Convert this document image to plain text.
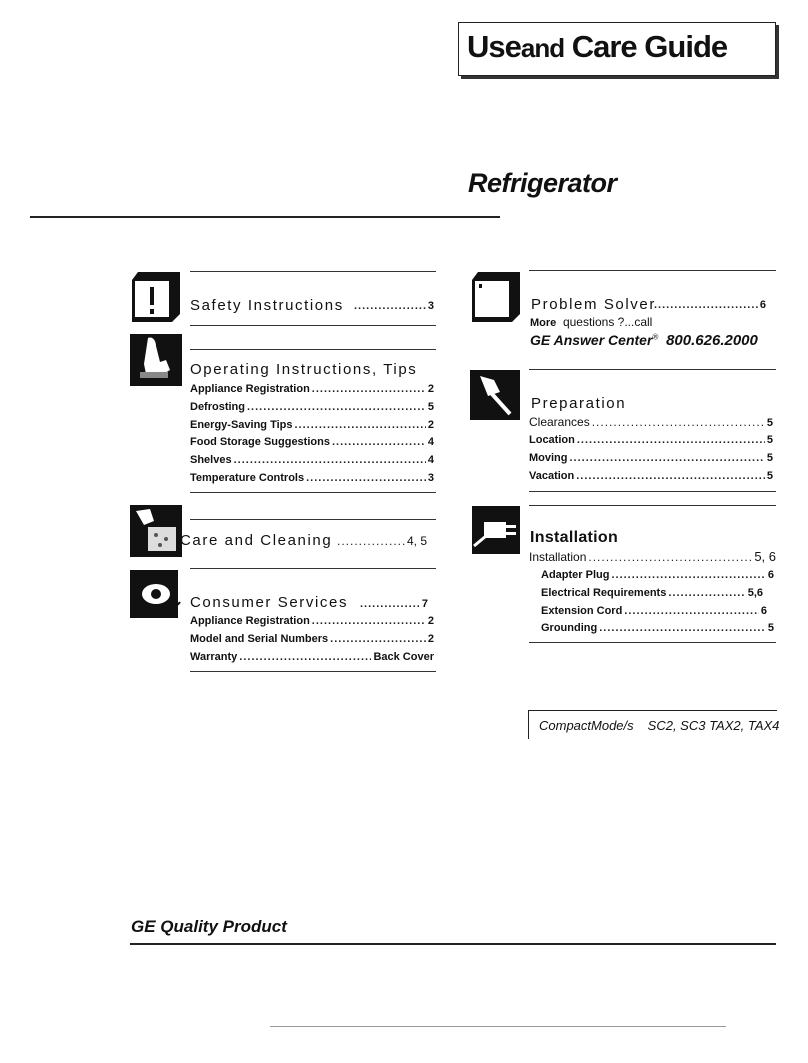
Useand Care Guide
Refrigerator
Safety Instructions .....	3
Operating Instructions, Tips
Appliance Registration .....	2
Defrosting .....	5
Energy-Saving Tips .....	2
Food Storage Suggestions .....	4
Shelves .....	4
Temperature Controls .....	3
Care and Cleaning .....	4, 5
Consumer Services .....	7
Appliance Registration .....	2
Model and Serial Numbers .....	2
Warranty .....	Back Cover
Problem Solver .....	6
More questions ?...call
GE Answer Center® 800.626.2000
Preparation
Clearances .....	5
Location .....	5
Moving .....	5
Vacation .....	5
Installation
Installation .....	5, 6
Adapter Plug .....	6
Electrical Requirements .....	5,6
Extension Cord .....	6
Grounding .....	5
CompactMode/s SC2, SC3 TAX2, TAX4
GE Quality Product
